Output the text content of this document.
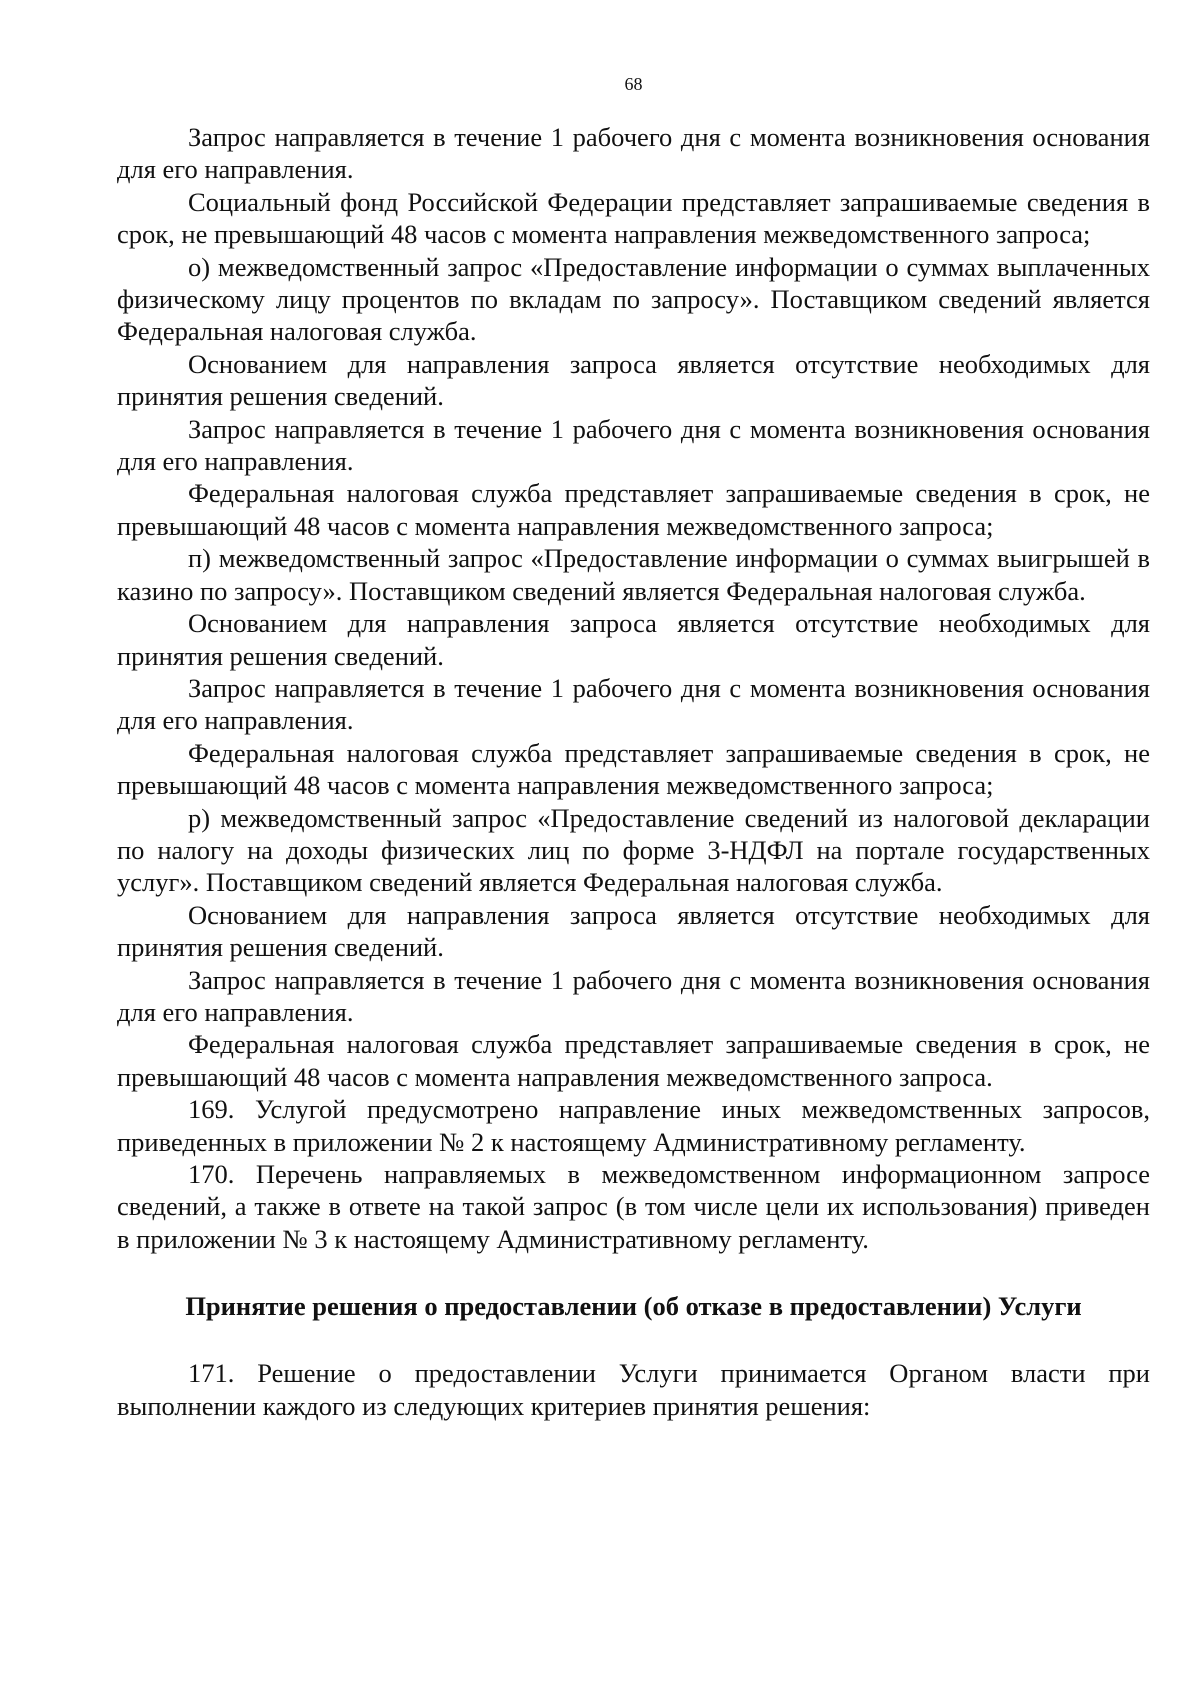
68

Запрос направляется в течение 1 рабочего дня с момента возникновения основания для его направления.

Социальный фонд Российской Федерации представляет запрашиваемые сведения в срок, не превышающий 48 часов с момента направления межведомственного запроса;

о) межведомственный запрос «Предоставление информации о суммах выплаченных физическому лицу процентов по вкладам по запросу». Поставщиком сведений является Федеральная налоговая служба.

Основанием для направления запроса является отсутствие необходимых для принятия решения сведений.

Запрос направляется в течение 1 рабочего дня с момента возникновения основания для его направления.

Федеральная налоговая служба представляет запрашиваемые сведения в срок, не превышающий 48 часов с момента направления межведомственного запроса;

п) межведомственный запрос «Предоставление информации о суммах выигрышей в казино по запросу». Поставщиком сведений является Федеральная налоговая служба.

Основанием для направления запроса является отсутствие необходимых для принятия решения сведений.

Запрос направляется в течение 1 рабочего дня с момента возникновения основания для его направления.

Федеральная налоговая служба представляет запрашиваемые сведения в срок, не превышающий 48 часов с момента направления межведомственного запроса;

р) межведомственный запрос «Предоставление сведений из налоговой декларации по налогу на доходы физических лиц по форме 3-НДФЛ на портале государственных услуг». Поставщиком сведений является Федеральная налоговая служба.

Основанием для направления запроса является отсутствие необходимых для принятия решения сведений.

Запрос направляется в течение 1 рабочего дня с момента возникновения основания для его направления.

Федеральная налоговая служба представляет запрашиваемые сведения в срок, не превышающий 48 часов с момента направления межведомственного запроса.

169. Услугой предусмотрено направление иных межведомственных запросов, приведенных в приложении № 2 к настоящему Административному регламенту.

170. Перечень направляемых в межведомственном информационном запросе сведений, а также в ответе на такой запрос (в том числе цели их использования) приведен в приложении № 3 к настоящему Административному регламенту.

Принятие решения о предоставлении (об отказе в предоставлении) Услуги

171. Решение о предоставлении Услуги принимается Органом власти при выполнении каждого из следующих критериев принятия решения:
